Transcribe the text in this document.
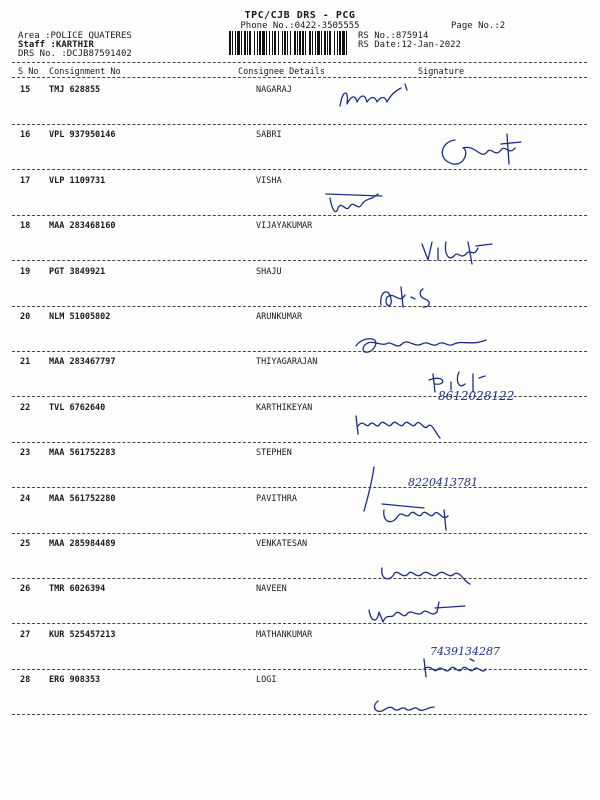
TPC/CJB DRS - PCG
Phone No.:0422-3505555	Page No.:2
Area :POLICE QUATERES
Staff :KARTHIR
DRS No. :DCJB87591402
RS No.:875914
RS Date:12-Jan-2022
S No Consignment No	Consignee Details	Signature
15 TMJ 628855	NAGARAJ
16 VPL 937950146	SABRI
17 VLP 1109731	VISHA
18 MAA 283468160	VIJAYAKUMAR
19 PGT 3849921	SHAJU
20 NLM 51005802	ARUNKUMAR
21 MAA 283467797	THIYAGARAJAN
22 TVL 6762640	KARTHIKEYAN
23 MAA 561752283	STEPHEN
24 MAA 561752280	PAVITHRA
25 MAA 285984489	VENKATESAN
26 TMR 6026394	NAVEEN
27 KUR 525457213	MATHANKUMAR
28 ERG 908353	LOGI
8612028122
8220413781
7439134287
